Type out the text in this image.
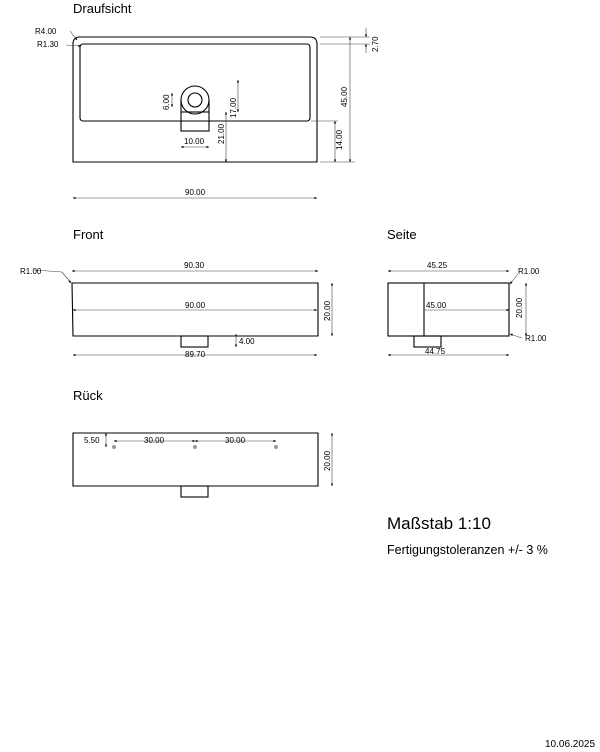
Draufsicht
Front	Seite
Rück
R4.00
R1.30	2.70
45.00
14.00
6.00	17.00
21.00
10.00
90.00
R1.00
90.30
90.00	20.00
4.00
89.70
45.25
45.00
44.75
20.00
R1.00
R1.00
5.50	30.00	30.00
20.00
Maßstab 1:10
Fertigungstoleranzen +/- 3 %
10.06.2025
